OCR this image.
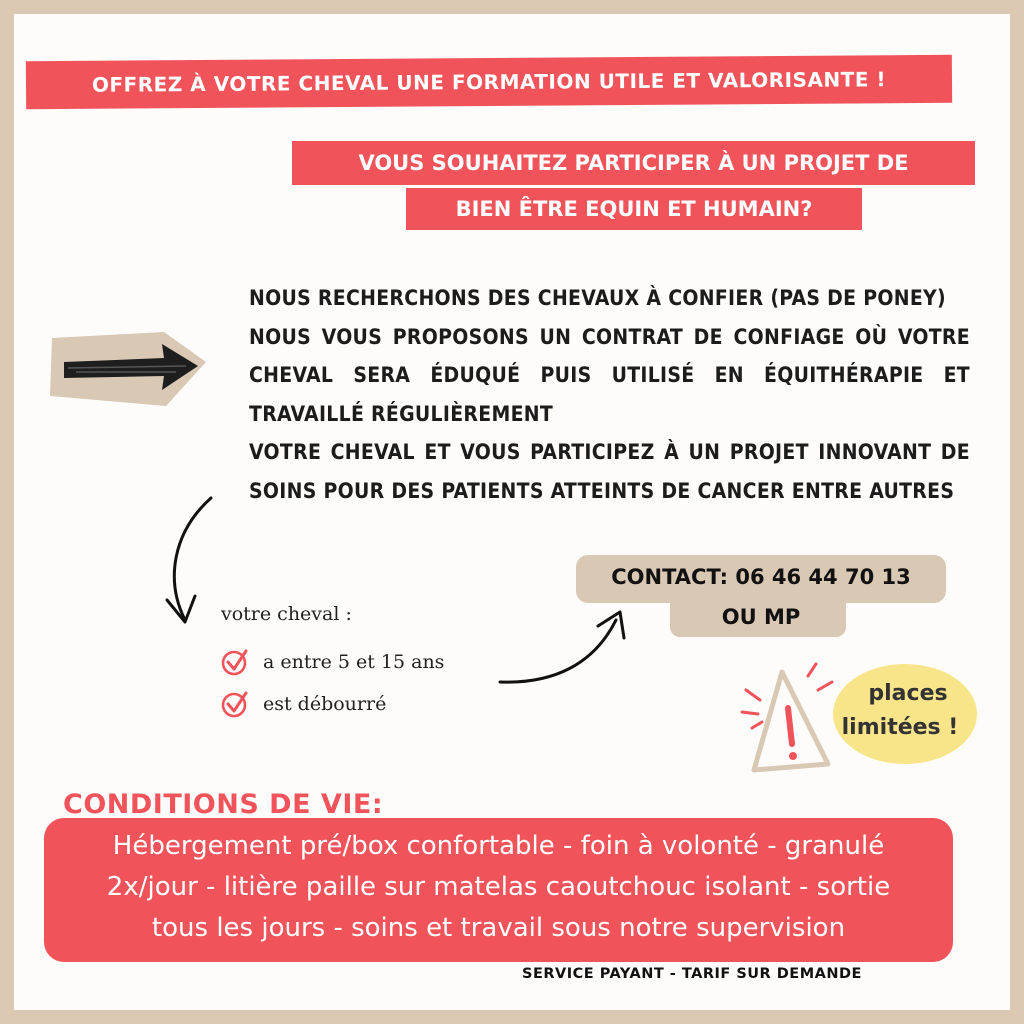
OFFREZ À VOTRE CHEVAL UNE FORMATION UTILE ET VALORISANTE !
VOUS SOUHAITEZ PARTICIPER À UN PROJET DE
BIEN ÊTRE EQUIN ET HUMAIN?

NOUS RECHERCHONS DES CHEVAUX À CONFIER (PAS DE PONEY)

NOUS VOUS PROPOSONS UN CONTRAT DE CONFIAGE OÙ VOTRE CHEVAL SERA ÉDUQUÉ PUIS UTILISÉ EN ÉQUITHÉRAPIE ET TRAVAILLÉ RÉGULIÈREMENT

VOTRE CHEVAL ET VOUS PARTICIPEZ À UN PROJET INNOVANT DE SOINS POUR DES PATIENTS ATTEINTS DE CANCER ENTRE AUTRES

votre cheval :
a entre 5 et 15 ans
est débourré
CONTACT: 06 46 44 70 13
OU MP
places
limitées !
CONDITIONS DE VIE:
Hébergement pré/box confortable - foin à volonté - granulé
2x/jour - litière paille sur matelas caoutchouc isolant - sortie
tous les jours - soins et travail sous notre supervision
SERVICE PAYANT - TARIF SUR DEMANDE
